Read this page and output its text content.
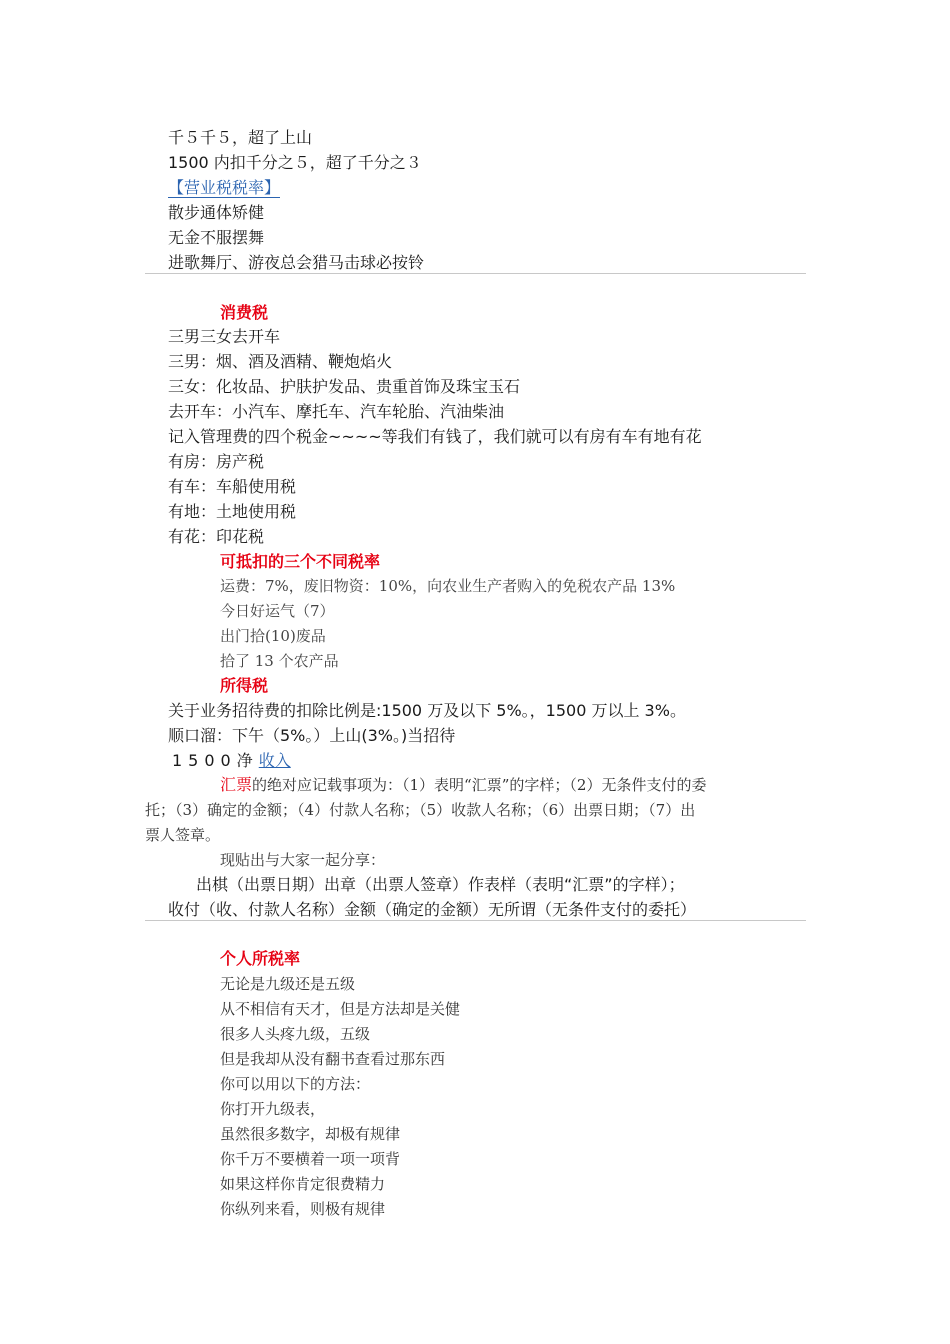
千５千５，超了上山
1500 内扣千分之５，超了千分之３
【营业税税率】
散步通体矫健
无金不服摆舞
进歌舞厅、游夜总会猎马击球必按铃
消费税
三男三女去开车
三男：烟、酒及酒精、鞭炮焰火
三女：化妆品、护肤护发品、贵重首饰及珠宝玉石
去开车：小汽车、摩托车、汽车轮胎、汽油柴油
记入管理费的四个税金~~~~等我们有钱了，我们就可以有房有车有地有花
有房：房产税
有车：车船使用税
有地：土地使用税
有花：印花税
可抵扣的三个不同税率
运费：7%，废旧物资：10%，向农业生产者购入的免税农产品 13%
今日好运气（7）
出门拾(10)废品
拾了 13 个农产品
所得税
关于业务招待费的扣除比例是:1500 万及以下 5%。，1500 万以上 3%。
顺口溜：下午（5%。）上山(3%。)当招待
1500净收入
汇票的绝对应记载事项为：（1）表明“汇票”的字样；（2）无条件支付的委
托；（3）确定的金额；（4）付款人名称；（5）收款人名称；（6）出票日期；（7）出
票人签章。
现贴出与大家一起分享：
出棋（出票日期）出章（出票人签章）作表样（表明“汇票”的字样）；
收付（收、付款人名称）金额（确定的金额）无所谓（无条件支付的委托）
个人所税率
无论是九级还是五级
从不相信有天才，但是方法却是关健
很多人头疼九级，五级
但是我却从没有翻书查看过那东西
你可以用以下的方法：
你打开九级表，
虽然很多数字，却极有规律
你千万不要横着一项一项背
如果这样你肯定很费精力
你纵列来看，则极有规律
